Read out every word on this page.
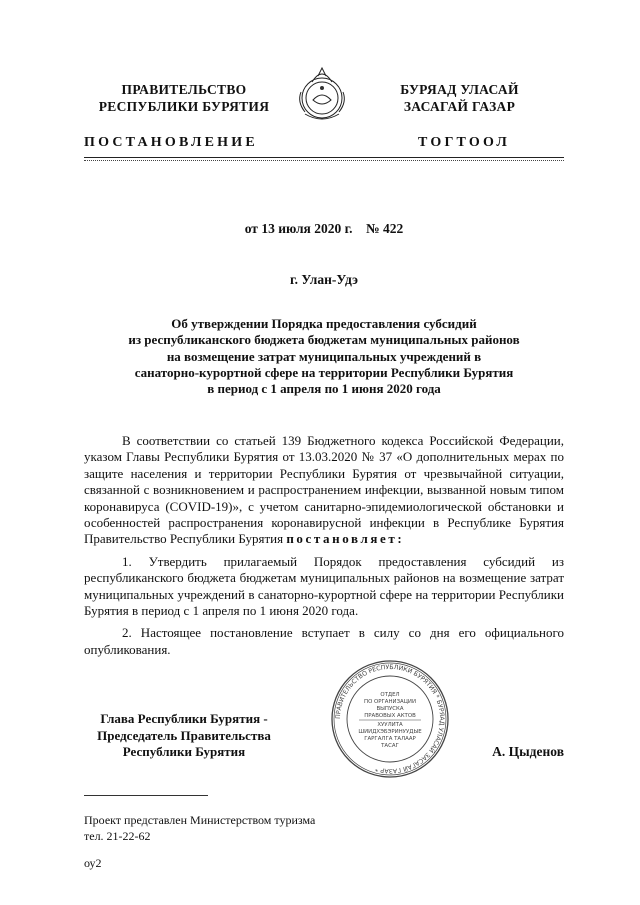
ПРАВИТЕЛЬСТВО
РЕСПУБЛИКИ БУРЯТИЯ
БУРЯАД УЛАСАЙ
ЗАСАГАЙ ГАЗАР
ПОСТАНОВЛЕНИЕ	ТОГТООЛ
от 13 июля 2020 г.    № 422
г. Улан-Удэ
Об утверждении Порядка предоставления субсидий
из республиканского бюджета бюджетам муниципальных районов
на возмещение затрат муниципальных учреждений в
санаторно-курортной сфере на территории Республики Бурятия
в период с 1 апреля по 1 июня 2020 года
В соответствии со статьей 139 Бюджетного кодекса Российской Федерации, указом Главы Республики Бурятия от 13.03.2020 № 37 «О дополнительных мерах по защите населения и территории Республики Бурятия от чрезвычайной ситуации, связанной с возникновением и распространением инфекции, вызванной новым типом коронавируса (COVID-19)», с учетом санитарно-эпидемиологической обстановки и особенностей распространения коронавирусной инфекции в Республике Бурятия Правительство Республики Бурятия постановляет:
1. Утвердить прилагаемый Порядок предоставления субсидий из республиканского бюджета бюджетам муниципальных районов на возмещение затрат муниципальных учреждений в санаторно-курортной сфере на территории Республики Бурятия в период с 1 апреля по 1 июня 2020 года.
2. Настоящее постановление вступает в силу со дня его официального опубликования.
Глава Республики Бурятия -
Председатель Правительства
Республики Бурятия
ПРАВИТЕЛЬСТВО РЕСПУБЛИКИ БУРЯТИЯ * БУРЯАД УЛАСАЙ ЗАСАГАЙ ГАЗАР *
ОТДЕЛ
ПО ОРГАНИЗАЦИИ
ВЫПУСКА
ПРАВОВЫХ АКТОВ
ХУУЛИТА
ШИИДХЭБЭРИНУУДЫЕ
ГАРГАЛГА ТАЛААР
ТАСАГ	А. Цыденов
Проект представлен Министерством туризма
тел. 21-22-62
оу2
